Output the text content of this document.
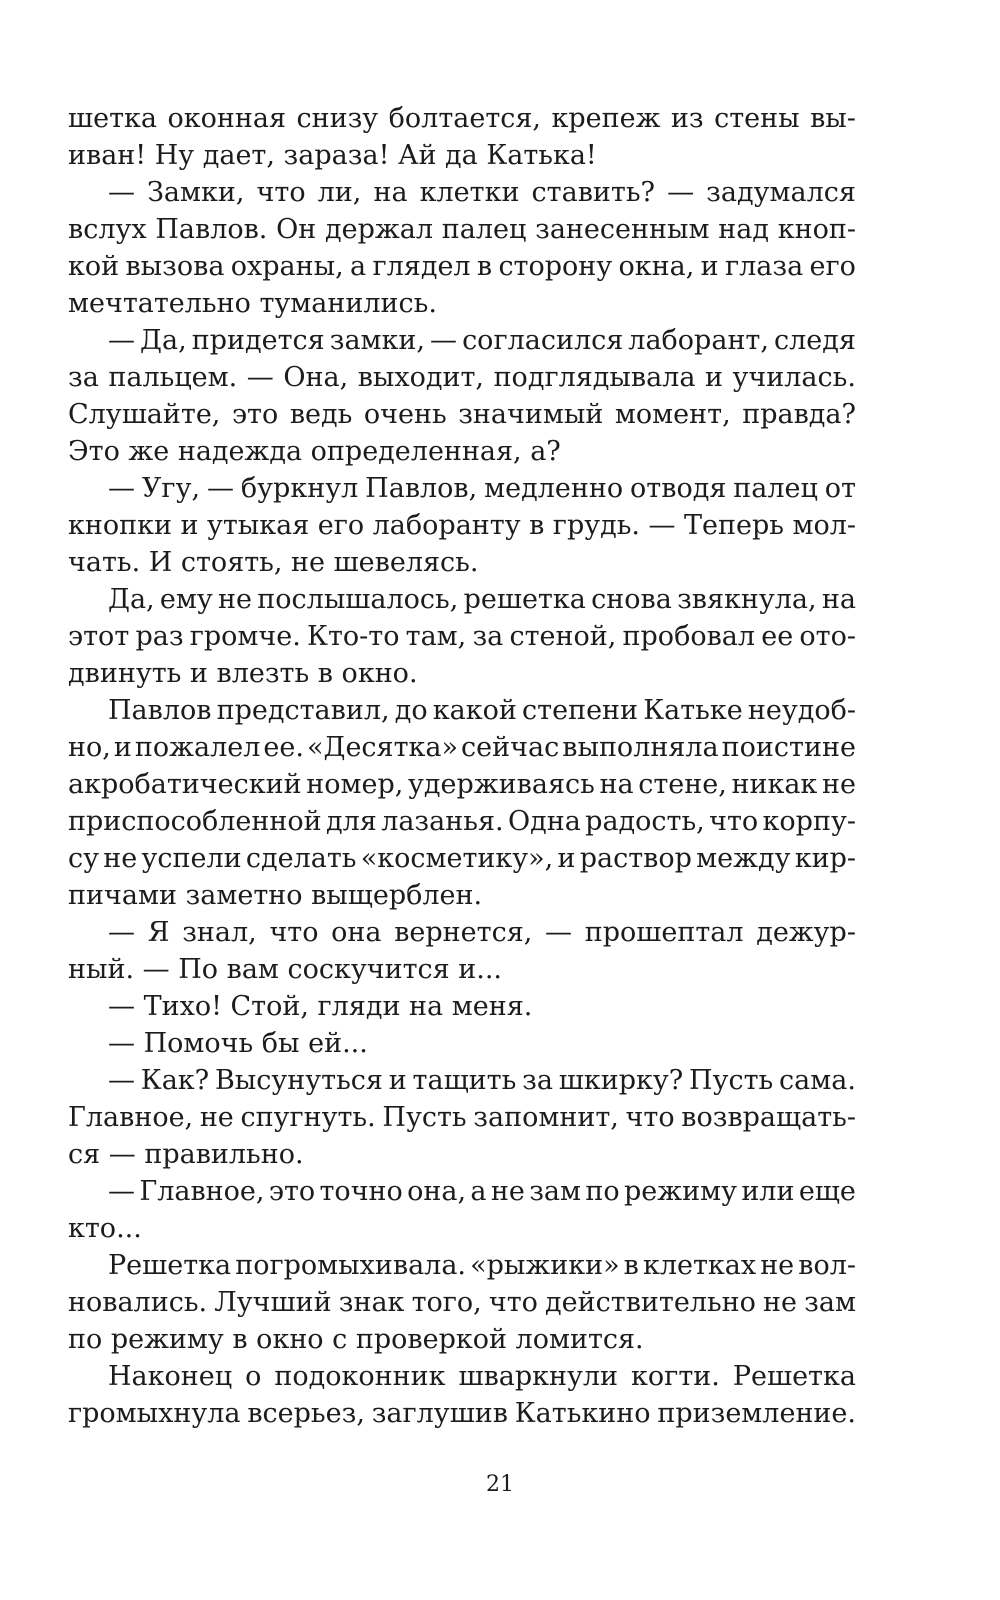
шетка оконная снизу болтается, крепеж из стены вы-
иван! Ну дает, зараза! Ай да Катька!
— Замки, что ли, на клетки ставить? — задумался
вслух Павлов. Он держал палец занесенным над кноп-
кой вызова охраны, а глядел в сторону окна, и глаза его
мечтательно туманились.
— Да, придется замки, — согласился лаборант, следя
за пальцем. — Она, выходит, подглядывала и училась.
Слушайте, это ведь очень значимый момент, правда?
Это же надежда определенная, а?
— Угу, — буркнул Павлов, медленно отводя палец от
кнопки и утыкая его лаборанту в грудь. — Теперь мол-
чать. И стоять, не шевелясь.
Да, ему не послышалось, решетка снова звякнула, на
этот раз громче. Кто-то там, за стеной, пробовал ее ото-
двинуть и влезть в окно.
Павлов представил, до какой степени Катьке неудоб-
но, и пожалел ее. «Десятка» сейчас выполняла поистине
акробатический номер, удерживаясь на стене, никак не
приспособленной для лазанья. Одна радость, что корпу-
су не успели сделать «косметику», и раствор между кир-
пичами заметно выщерблен.
— Я знал, что она вернется, — прошептал дежур-
ный. — По вам соскучится и...
— Тихо! Стой, гляди на меня.
— Помочь бы ей...
— Как? Высунуться и тащить за шкирку? Пусть сама.
Главное, не спугнуть. Пусть запомнит, что возвращать-
ся — правильно.
— Главное, это точно она, а не зам по режиму или еще
кто...
Решетка погромыхивала. «рыжики» в клетках не вол-
новались. Лучший знак того, что действительно не зам
по режиму в окно с проверкой ломится.
Наконец о подоконник шваркнули когти. Решетка
громыхнула всерьез, заглушив Катькино приземление.
21
